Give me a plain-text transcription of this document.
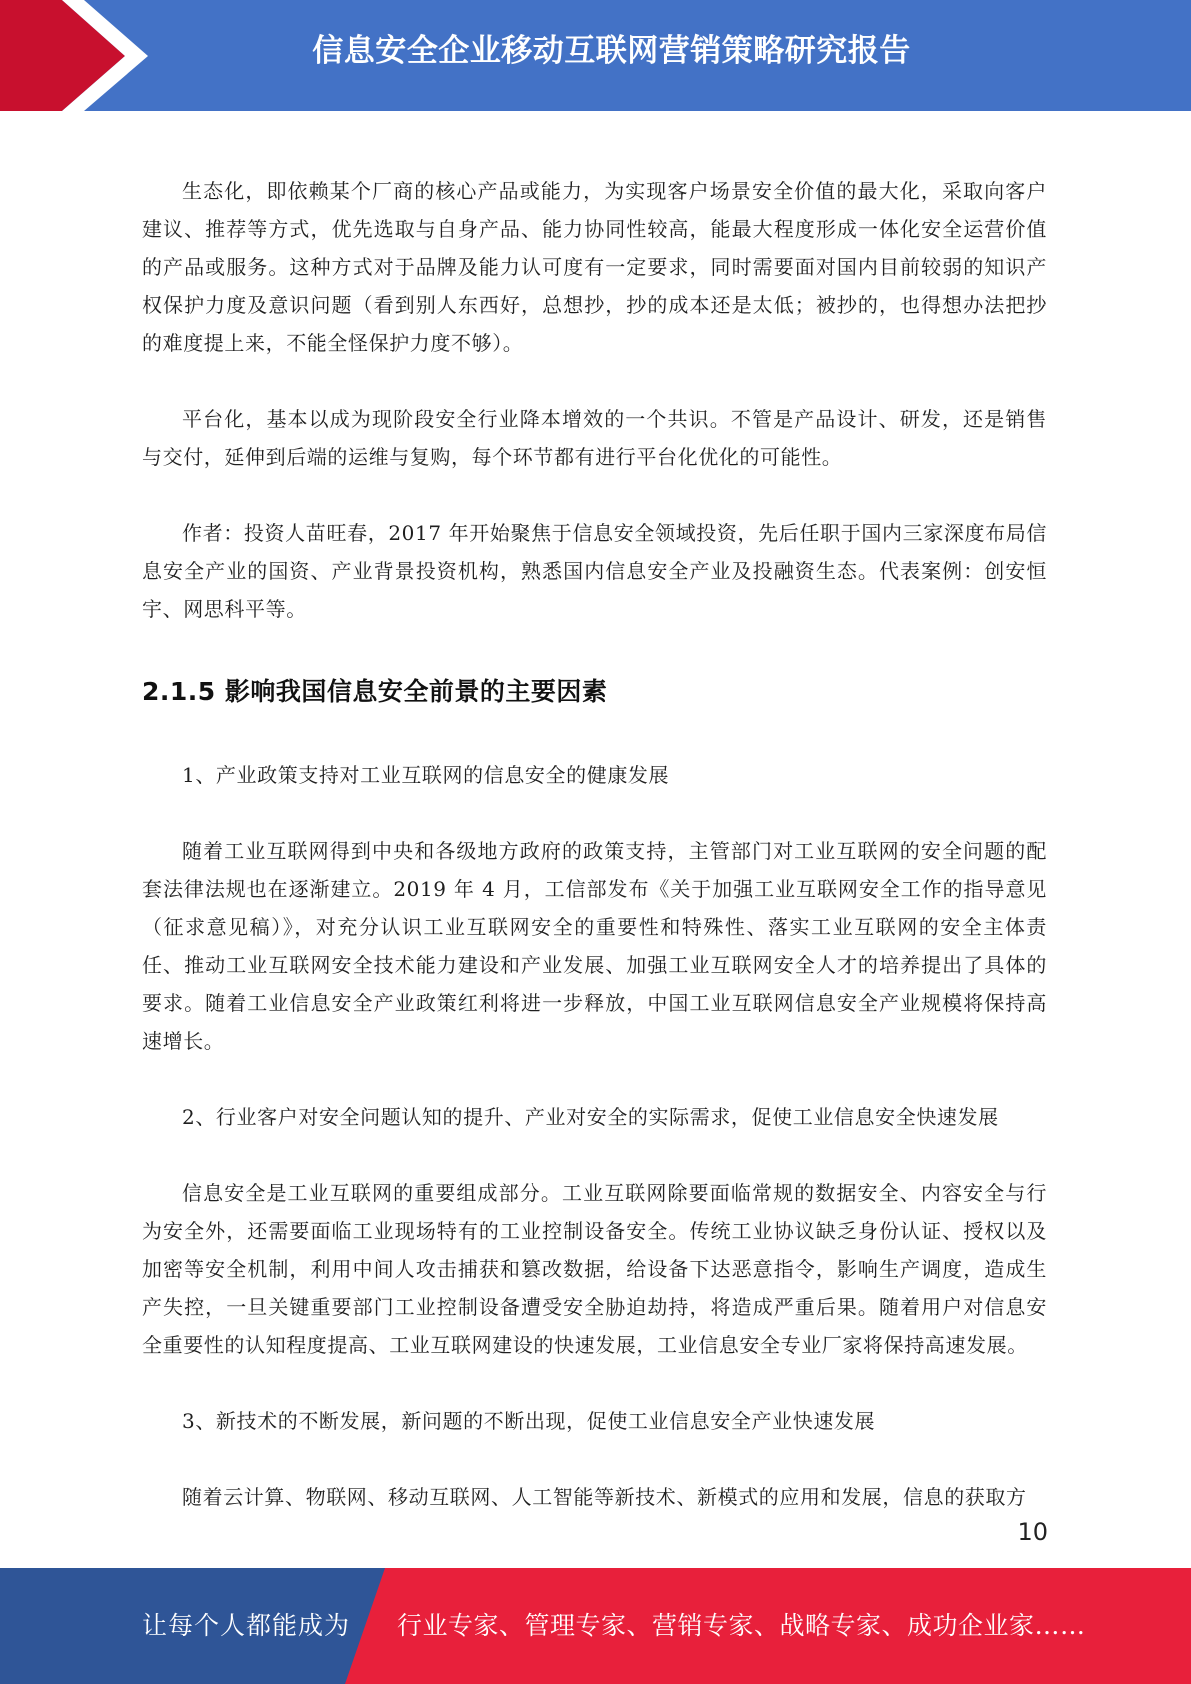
信息安全企业移动互联网营销策略研究报告

生态化，即依赖某个厂商的核心产品或能力，为实现客户场景安全价值的最大化，采取向客户建议、推荐等方式，优先选取与自身产品、能力协同性较高，能最大程度形成一体化安全运营价值的产品或服务。这种方式对于品牌及能力认可度有一定要求，同时需要面对国内目前较弱的知识产权保护力度及意识问题（看到别人东西好，总想抄，抄的成本还是太低；被抄的，也得想办法把抄的难度提上来，不能全怪保护力度不够）。

平台化，基本以成为现阶段安全行业降本增效的一个共识。不管是产品设计、研发，还是销售与交付，延伸到后端的运维与复购，每个环节都有进行平台化优化的可能性。

作者：投资人苗旺春，2017 年开始聚焦于信息安全领域投资，先后任职于国内三家深度布局信息安全产业的国资、产业背景投资机构，熟悉国内信息安全产业及投融资生态。代表案例：创安恒宇、网思科平等。

2.1.5 影响我国信息安全前景的主要因素

1、产业政策支持对工业互联网的信息安全的健康发展

随着工业互联网得到中央和各级地方政府的政策支持，主管部门对工业互联网的安全问题的配套法律法规也在逐渐建立。2019 年 4 月，工信部发布《关于加强工业互联网安全工作的指导意见（征求意见稿）》，对充分认识工业互联网安全的重要性和特殊性、落实工业互联网的安全主体责任、推动工业互联网安全技术能力建设和产业发展、加强工业互联网安全人才的培养提出了具体的要求。随着工业信息安全产业政策红利将进一步释放，中国工业互联网信息安全产业规模将保持高速增长。

2、行业客户对安全问题认知的提升、产业对安全的实际需求，促使工业信息安全快速发展

信息安全是工业互联网的重要组成部分。工业互联网除要面临常规的数据安全、内容安全与行为安全外，还需要面临工业现场特有的工业控制设备安全。传统工业协议缺乏身份认证、授权以及加密等安全机制，利用中间人攻击捕获和篡改数据，给设备下达恶意指令，影响生产调度，造成生产失控，一旦关键重要部门工业控制设备遭受安全胁迫劫持，将造成严重后果。随着用户对信息安全重要性的认知程度提高、工业互联网建设的快速发展，工业信息安全专业厂家将保持高速发展。

3、新技术的不断发展，新问题的不断出现，促使工业信息安全产业快速发展

随着云计算、物联网、移动互联网、人工智能等新技术、新模式的应用和发展，信息的获取方

10
让每个人都能成为 行业专家、管理专家、营销专家、战略专家、成功企业家……
